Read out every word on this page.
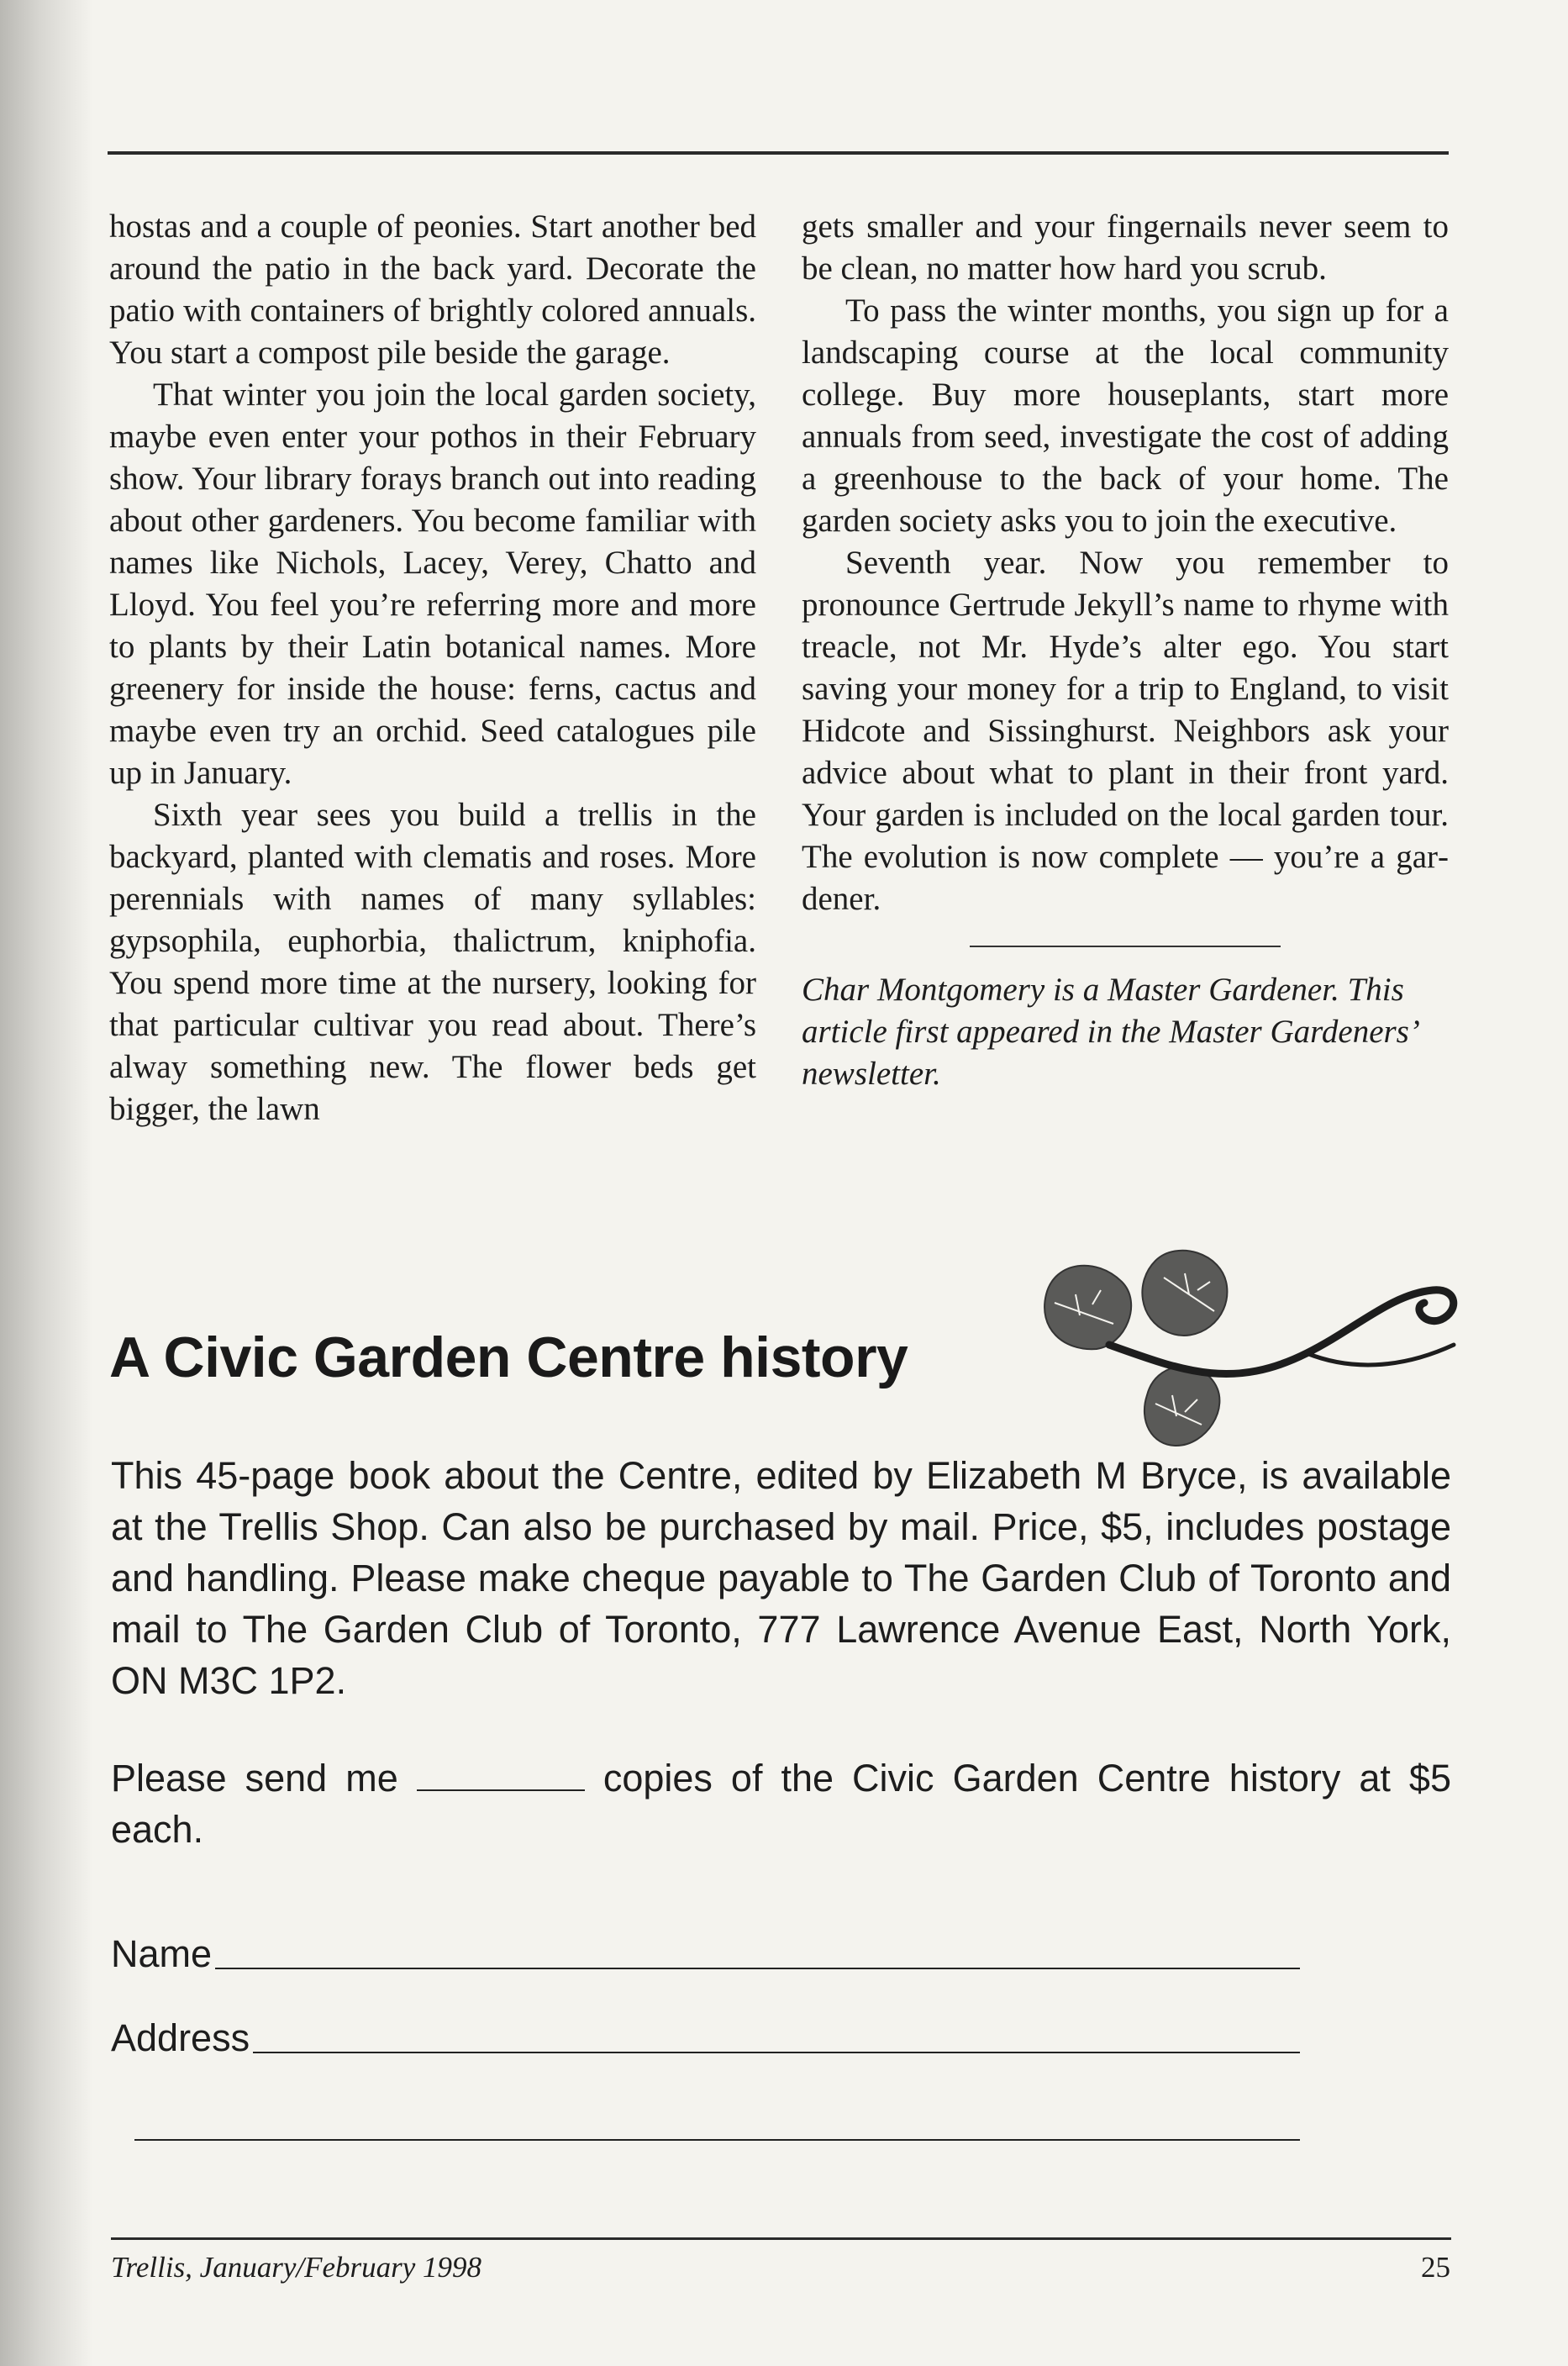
hostas and a couple of peonies. Start another bed around the patio in the back yard. Decorate the patio with containers of brightly colored annuals. You start a compost pile beside the garage.

That winter you join the local garden society, maybe even enter your pothos in their February show. Your library forays branch out into reading about other gardeners. You become familiar with names like Nichols, Lacey, Verey, Chatto and Lloyd. You feel you’re referring more and more to plants by their Latin botanical names. More greenery for inside the house: ferns, cactus and maybe even try an orchid. Seed catalogues pile up in January.

Sixth year sees you build a trellis in the backyard, planted with clematis and roses. More perennials with names of many syllables: gypsophila, euphorbia, thalictrum, kniphofia. You spend more time at the nursery, looking for that particular cultivar you read about. There’s alway something new. The flower beds get bigger, the lawn

gets smaller and your fingernails never seem to be clean, no matter how hard you scrub.

To pass the winter months, you sign up for a landscaping course at the local community college. Buy more houseplants, start more annuals from seed, investigate the cost of adding a greenhouse to the back of your home. The garden society asks you to join the executive.

Seventh year. Now you remember to pronounce Gertrude Jekyll’s name to rhyme with treacle, not Mr. Hyde’s alter ego. You start saving your money for a trip to England, to visit Hidcote and Sissinghurst. Neighbors ask your advice about what to plant in their front yard. Your garden is included on the local garden tour. The evolution is now complete — you’re a gardener.

Char Montgomery is a Master Gardener. This article first appeared in the Master Gardeners’ newsletter.

A Civic Garden Centre history
This 45-page book about the Centre, edited by Elizabeth M Bryce, is available at the Trellis Shop. Can also be purchased by mail. Price, $5, includes postage and handling. Please make cheque payable to The Garden Club of Toronto and mail to The Garden Club of Toronto, 777 Lawrence Avenue East, North York, ON M3C 1P2.
Please send me	copies of the Civic Garden Centre history at $5 each.
Name
Address
Trellis, January/February 1998	25
